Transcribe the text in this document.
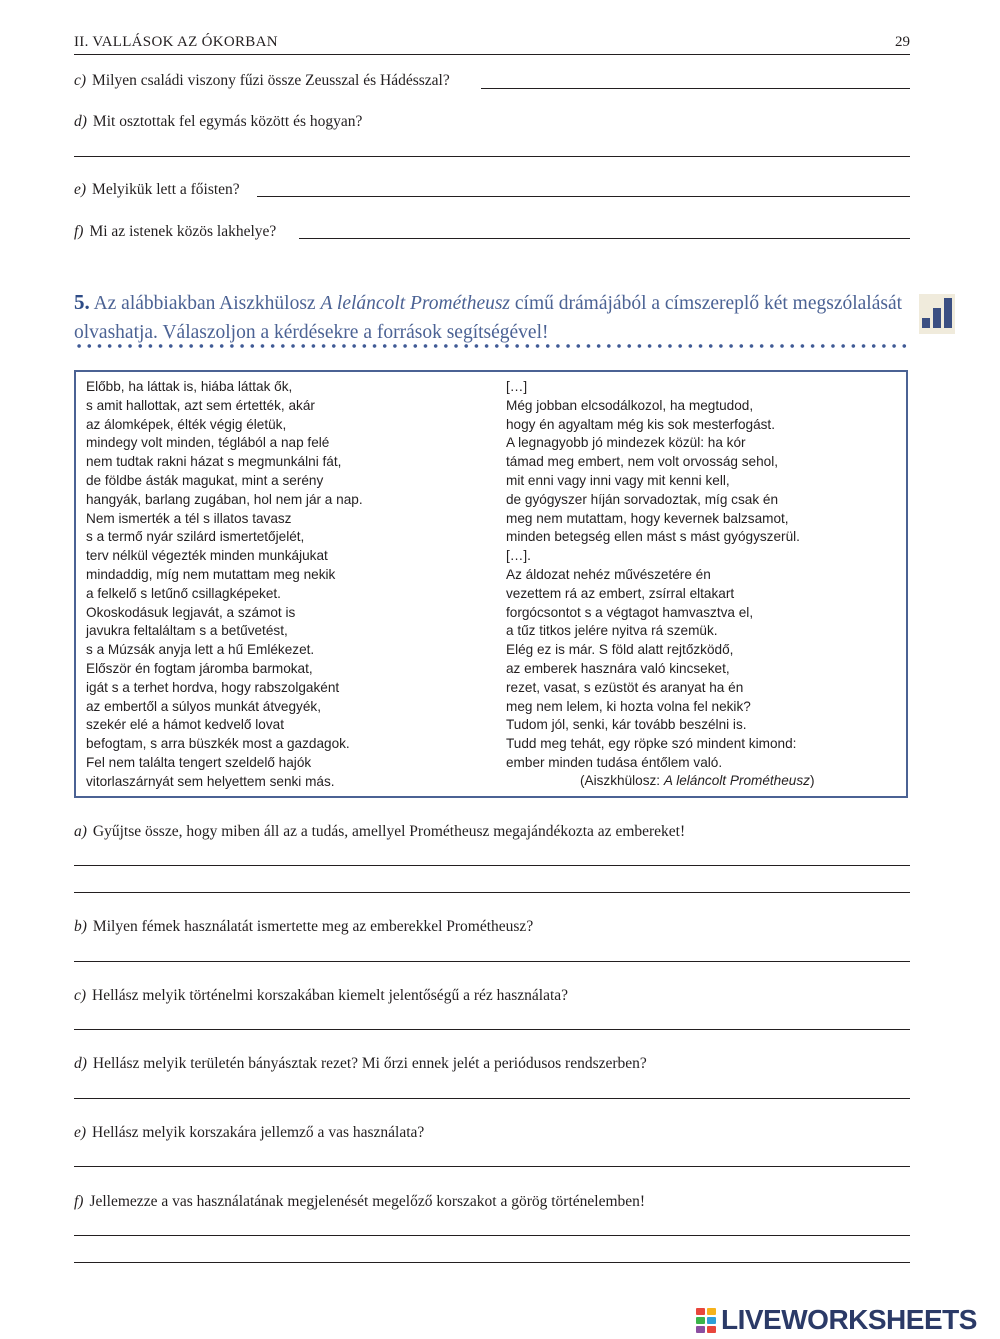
II. VALLÁSOK AZ ÓKORBAN	29
c) Milyen családi viszony fűzi össze Zeusszal és Hádésszal?
d) Mit osztottak fel egymás között és hogyan?
e) Melyikük lett a főisten?
f) Mi az istenek közös lakhelye?
5. Az alábbiakban Aiszkhülosz A leláncolt Prométheusz című drámájából a címszereplő két megszólalását olvashatja. Válaszoljon a kérdésekre a források segítségével!
Előbb, ha láttak is, hiába láttak ők,
s amit hallottak, azt sem értették, akár
az álomképek, élték végig életük,
mindegy volt minden, téglából a nap felé
nem tudtak rakni házat s megmunkálni fát,
de földbe ásták magukat, mint a serény
hangyák, barlang zugában, hol nem jár a nap.
Nem ismerték a tél s illatos tavasz
s a termő nyár szilárd ismertetőjelét,
terv nélkül végezték minden munkájukat
mindaddig, míg nem mutattam meg nekik
a felkelő s letűnő csillagképeket.
Okoskodásuk legjavát, a számot is
javukra feltaláltam s a betűvetést,
s a Múzsák anyja lett a hű Emlékezet.
Először én fogtam járomba barmokat,
igát s a terhet hordva, hogy rabszolgaként
az embertől a súlyos munkát átvegyék,
szekér elé a hámot kedvelő lovat
befogtam, s arra büszkék most a gazdagok.
Fel nem találta tengert szeldelő hajók
vitorlaszárnyát sem helyettem senki más.
[…]
Még jobban elcsodálkozol, ha megtudod,
hogy én agyaltam még kis sok mesterfogást.
A legnagyobb jó mindezek közül: ha kór
támad meg embert, nem volt orvosság sehol,
mit enni vagy inni vagy mit kenni kell,
de gyógyszer híján sorvadoztak, míg csak én
meg nem mutattam, hogy kevernek balzsamot,
minden betegség ellen mást s mást gyógyszerül.
[…].
Az áldozat nehéz művészetére én
vezettem rá az embert, zsírral eltakart
forgócsontot s a végtagot hamvasztva el,
a tűz titkos jelére nyitva rá szemük.
Elég ez is már. S föld alatt rejtőzködő,
az emberek hasznára való kincseket,
rezet, vasat, s ezüstöt és aranyat ha én
meg nem lelem, ki hozta volna fel nekik?
Tudom jól, senki, kár tovább beszélni is.
Tudd meg tehát, egy röpke szó mindent kimond:
ember minden tudása éntőlem való.
(Aiszkhülosz: A leláncolt Prométheusz)
a) Gyűjtse össze, hogy miben áll az a tudás, amellyel Prométheusz megajándékozta az embereket!
b) Milyen fémek használatát ismertette meg az emberekkel Prométheusz?
c) Hellász melyik történelmi korszakában kiemelt jelentőségű a réz használata?
d) Hellász melyik területén bányásztak rezet? Mi őrzi ennek jelét a periódusos rendszerben?
e) Hellász melyik korszakára jellemző a vas használata?
f) Jellemezze a vas használatának megjelenését megelőző korszakot a görög történelemben!
LIVEWORKSHEETS
